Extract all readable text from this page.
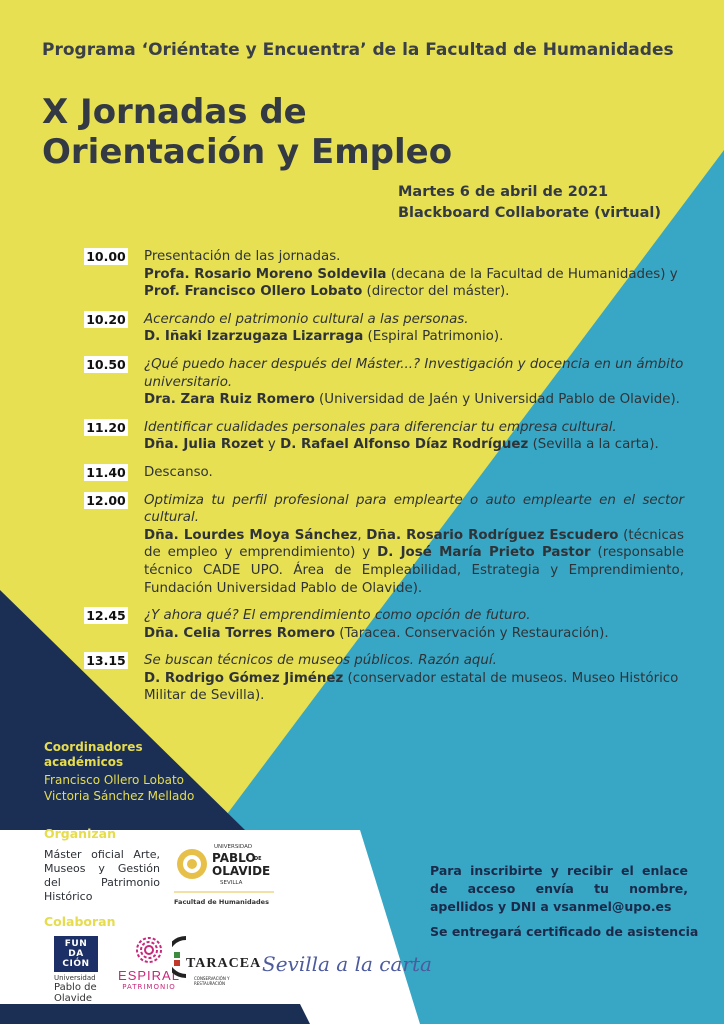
Programa ‘Oriéntate y Encuentra’ de la Facultad de Humanidades
X Jornadas de
Orientación y Empleo
Martes 6 de abril de 2021
Blackboard Collaborate (virtual)
10.00 Presentación de las jornadas.
Profa. Rosario Moreno Soldevila (decana de la Facultad de Humanidades) y
Prof. Francisco Ollero Lobato (director del máster).
10.20 Acercando el patrimonio cultural a las personas.
D. Iñaki Izarzugaza Lizarraga (Espiral Patrimonio).
10.50 ¿Qué puedo hacer después del Máster...? Investigación y docencia en un ámbito universitario.
Dra. Zara Ruiz Romero (Universidad de Jaén y Universidad Pablo de Olavide).
11.20 Identificar cualidades personales para diferenciar tu empresa cultural.
Dña. Julia Rozet y D. Rafael Alfonso Díaz Rodríguez (Sevilla a la carta).
11.40 Descanso.
12.00 Optimiza tu perfil profesional para emplearte o auto emplearte en el sector cultural.
Dña. Lourdes Moya Sánchez, Dña. Rosario Rodríguez Escudero (técnicas de empleo y emprendimiento) y D. José María Prieto Pastor (responsable técnico CADE UPO. Área de Empleabilidad, Estrategia y Emprendimiento, Fundación Universidad Pablo de Olavide).
12.45 ¿Y ahora qué? El emprendimiento como opción de futuro.
Dña. Celia Torres Romero (Taracea. Conservación y Restauración).
13.15 Se buscan técnicos de museos públicos. Razón aquí.
D. Rodrigo Gómez Jiménez (conservador estatal de museos. Museo Histórico Militar de Sevilla).
Coordinadores académicos
Francisco Ollero Lobato
Victoria Sánchez Mellado
Organizan
Máster oficial Arte, Museos y Gestión del Patrimonio Histórico
UNIVERSIDAD
PABLO
DE
OLAVIDE
SEVILLA
Facultad de Humanidades
Colaboran
FUN
DA
CIÓN
Universidad
Pablo de Olavide
ESPIRAL
PATRIMONIO
TARACEA
CONSERVACIÓN Y RESTAURACIÓN
Sevilla a la carta
Para inscribirte y recibir el enlace de acceso envía tu nombre, apellidos y DNI a vsanmel@upo.es
Se entregará certificado de asistencia
